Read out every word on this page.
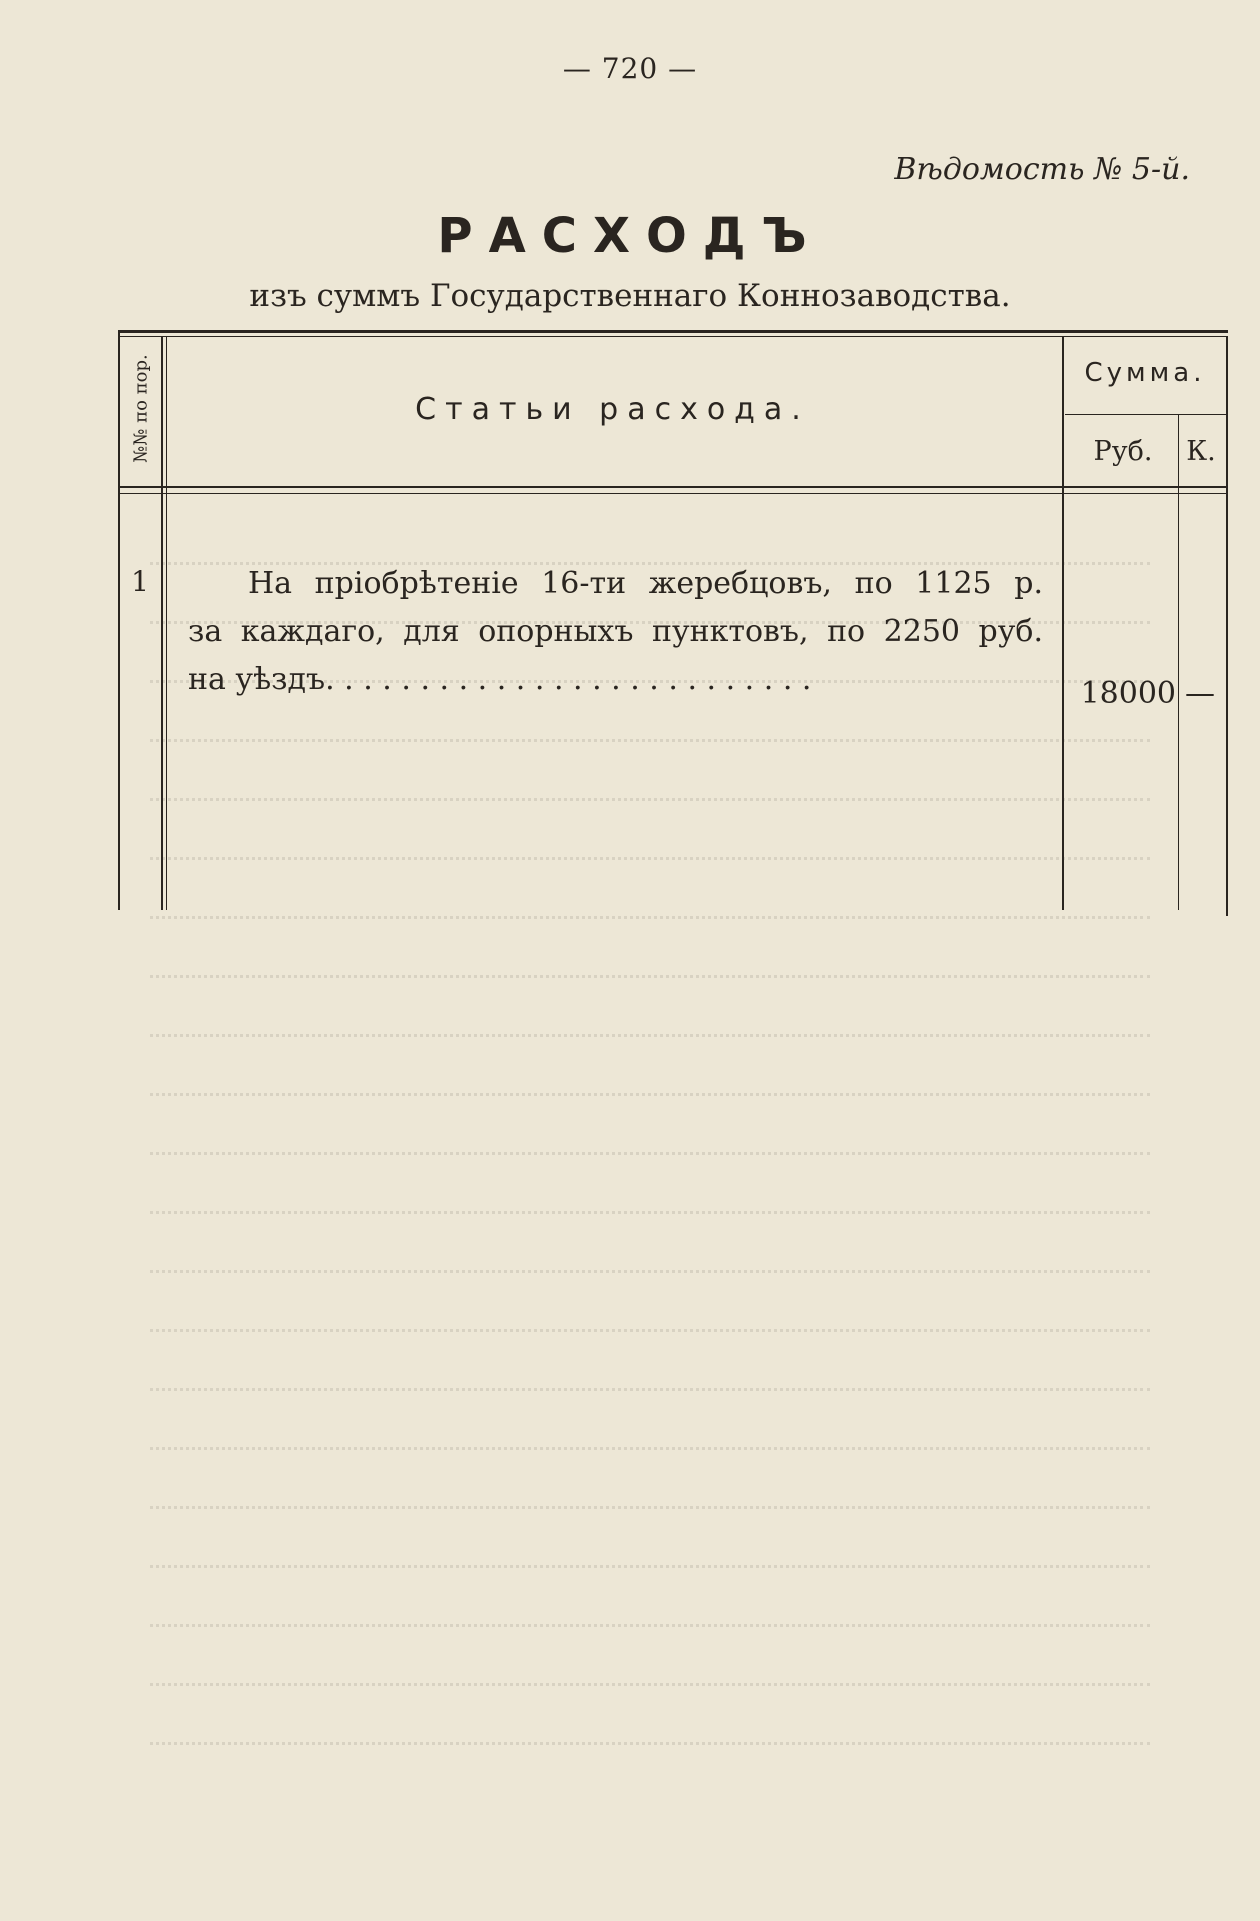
— 720 —
Вѣдомость № 5-й.
РАСХОДЪ
изъ суммъ Государственнаго Коннозаводства.
№№ по пор.	Статьи расхода.
Сумма.
Руб.	К.
1	На пріобрѣтеніе 16-ти жеребцовъ, по 1125 р.
за каждаго, для опорныхъ пунктовъ, по 2250 руб.
на уѣздъ. . . . . . . . . . . . . . . . . . . . . . . . . .	18000 —
